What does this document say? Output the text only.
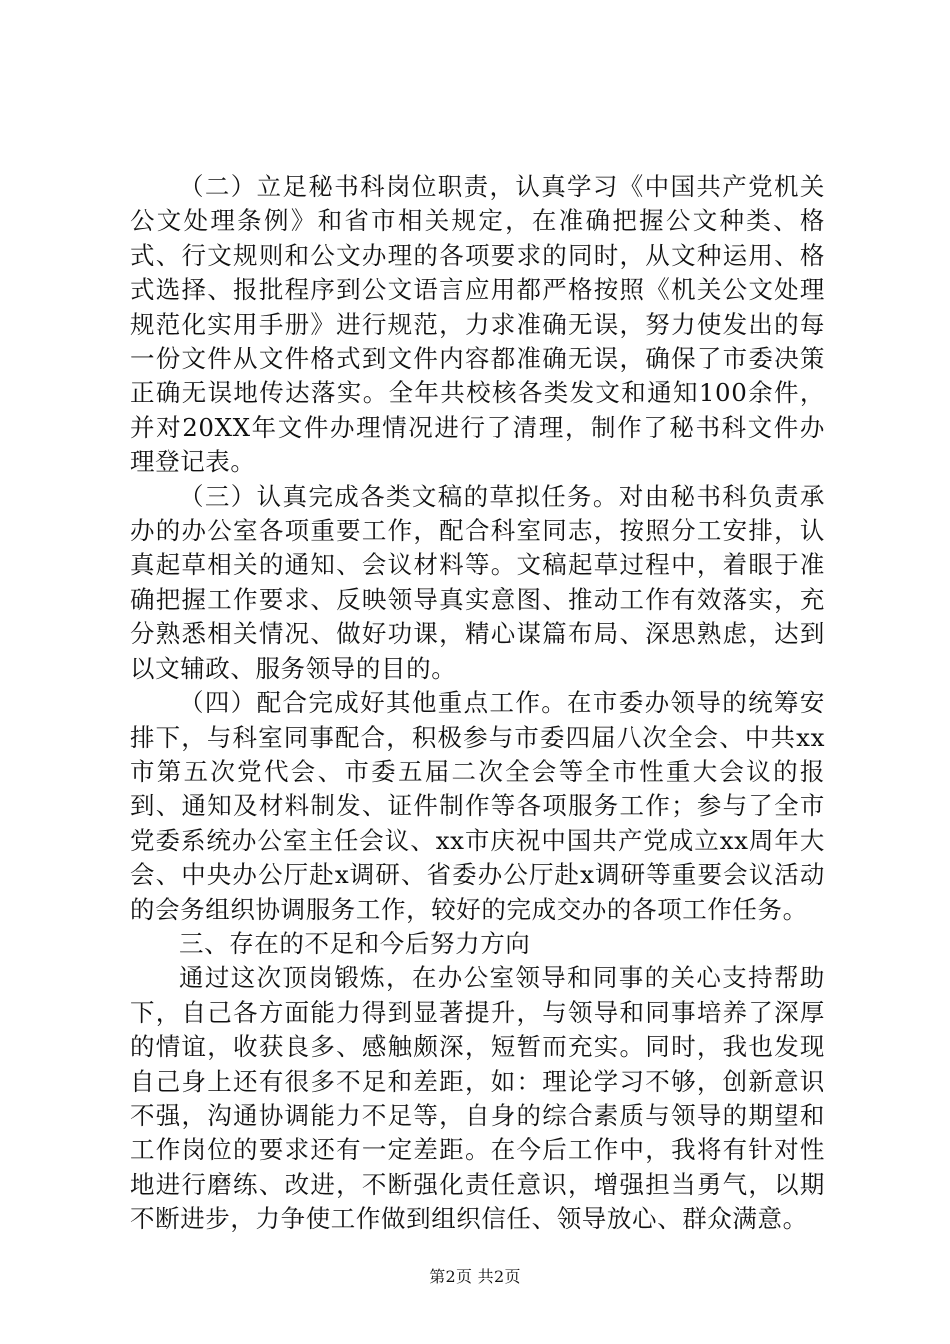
（二）立足秘书科岗位职责，认真学习《中国共产党机关公文处理条例》和省市相关规定，在准确把握公文种类、格式、行文规则和公文办理的各项要求的同时，从文种运用、格式选择、报批程序到公文语言应用都严格按照《机关公文处理规范化实用手册》进行规范，力求准确无误，努力使发出的每一份文件从文件格式到文件内容都准确无误，确保了市委决策正确无误地传达落实。全年共校核各类发文和通知100余件，并对20XX年文件办理情况进行了清理，制作了秘书科文件办理登记表。

（三）认真完成各类文稿的草拟任务。对由秘书科负责承办的办公室各项重要工作，配合科室同志，按照分工安排，认真起草相关的通知、会议材料等。文稿起草过程中，着眼于准确把握工作要求、反映领导真实意图、推动工作有效落实，充分熟悉相关情况、做好功课，精心谋篇布局、深思熟虑，达到以文辅政、服务领导的目的。

（四）配合完成好其他重点工作。在市委办领导的统筹安排下，与科室同事配合，积极参与市委四届八次全会、中共xx市第五次党代会、市委五届二次全会等全市性重大会议的报到、通知及材料制发、证件制作等各项服务工作；参与了全市党委系统办公室主任会议、xx市庆祝中国共产党成立xx周年大会、中央办公厅赴x调研、省委办公厅赴x调研等重要会议活动的会务组织协调服务工作，较好的完成交办的各项工作任务。

三、存在的不足和今后努力方向

通过这次顶岗锻炼，在办公室领导和同事的关心支持帮助下，自己各方面能力得到显著提升，与领导和同事培养了深厚的情谊，收获良多、感触颇深，短暂而充实。同时，我也发现自己身上还有很多不足和差距，如：理论学习不够，创新意识不强，沟通协调能力不足等，自身的综合素质与领导的期望和工作岗位的要求还有一定差距。在今后工作中，我将有针对性地进行磨练、改进，不断强化责任意识，增强担当勇气，以期不断进步，力争使工作做到组织信任、领导放心、群众满意。

第2页 共2页
